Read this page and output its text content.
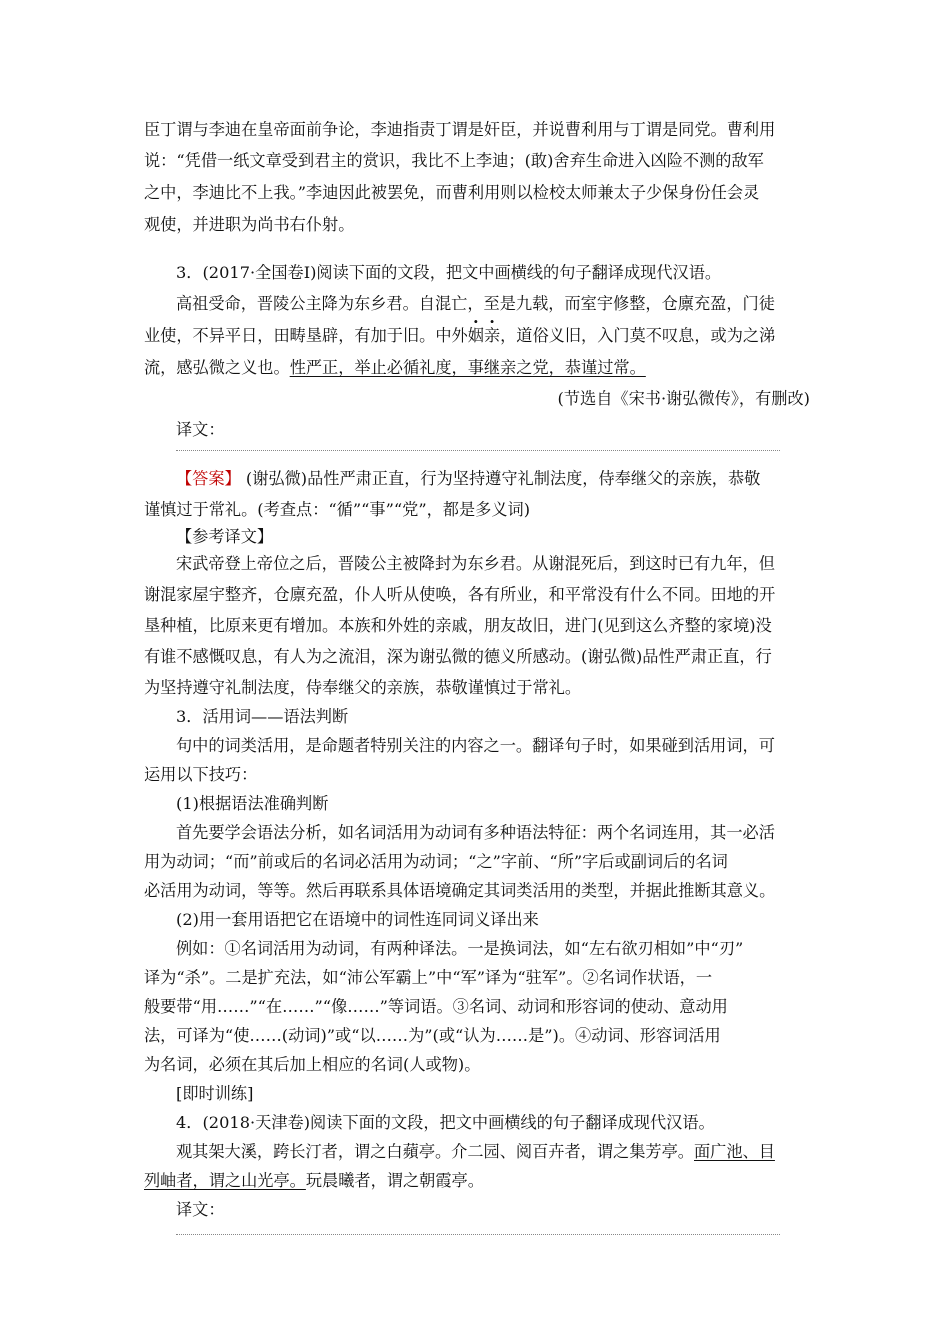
臣丁谓与李迪在皇帝面前争论，李迪指责丁谓是奸臣，并说曹利用与丁谓是同党。曹利用
说：“凭借一纸文章受到君主的赏识，我比不上李迪；(敢)舍弃生命进入凶险不测的敌军
之中，李迪比不上我。”李迪因此被罢免，而曹利用则以检校太师兼太子少保身份任会灵
观使，并进职为尚书右仆射。
3．(2017·全国卷Ⅰ)阅读下面的文段，把文中画横线的句子翻译成现代汉语。
高祖受命，晋陵公主降为东乡君。自混亡，至是九载，而室宇修整，仓廪充盈，门徒
业使，不异平日，田畴垦辟，有加于旧。中外姻亲，道俗义旧，入门莫不叹息，或为之涕
流，感弘微之义也。性严正，举止必循礼度，事继亲之党，恭谨过常。
(节选自《宋书·谢弘微传》，有删改)
译文：
【答案】 (谢弘微)品性严肃正直，行为坚持遵守礼制法度，侍奉继父的亲族，恭敬
谨慎过于常礼。(考查点：“循”“事”“党”，都是多义词)
【参考译文】
宋武帝登上帝位之后，晋陵公主被降封为东乡君。从谢混死后，到这时已有九年，但
谢混家屋宇整齐，仓廪充盈，仆人听从使唤，各有所业，和平常没有什么不同。田地的开
垦种植，比原来更有增加。本族和外姓的亲戚，朋友故旧，进门(见到这么齐整的家境)没
有谁不感慨叹息，有人为之流泪，深为谢弘微的德义所感动。(谢弘微)品性严肃正直，行
为坚持遵守礼制法度，侍奉继父的亲族，恭敬谨慎过于常礼。
3．活用词——语法判断
句中的词类活用，是命题者特别关注的内容之一。翻译句子时，如果碰到活用词，可
运用以下技巧：
(1)根据语法准确判断
首先要学会语法分析，如名词活用为动词有多种语法特征：两个名词连用，其一必活
用为动词；“而”前或后的名词必活用为动词；“之”字前、“所”字后或副词后的名词
必活用为动词，等等。然后再联系具体语境确定其词类活用的类型，并据此推断其意义。
(2)用一套用语把它在语境中的词性连同词义译出来
例如：①名词活用为动词，有两种译法。一是换词法，如“左右欲刃相如”中“刃”
译为“杀”。二是扩充法，如“沛公军霸上”中“军”译为“驻军”。②名词作状语，一
般要带“用……”“在……”“像……”等词语。③名词、动词和形容词的使动、意动用
法，可译为“使……(动词)”或“以……为”(或“认为……是”)。④动词、形容词活用
为名词，必须在其后加上相应的名词(人或物)。
[即时训练]
4．(2018·天津卷)阅读下面的文段，把文中画横线的句子翻译成现代汉语。
观其架大溪，跨长汀者，谓之白蘋亭。介二园、阅百卉者，谓之集芳亭。面广池、目
列岫者，谓之山光亭。玩晨曦者，谓之朝霞亭。
译文：
